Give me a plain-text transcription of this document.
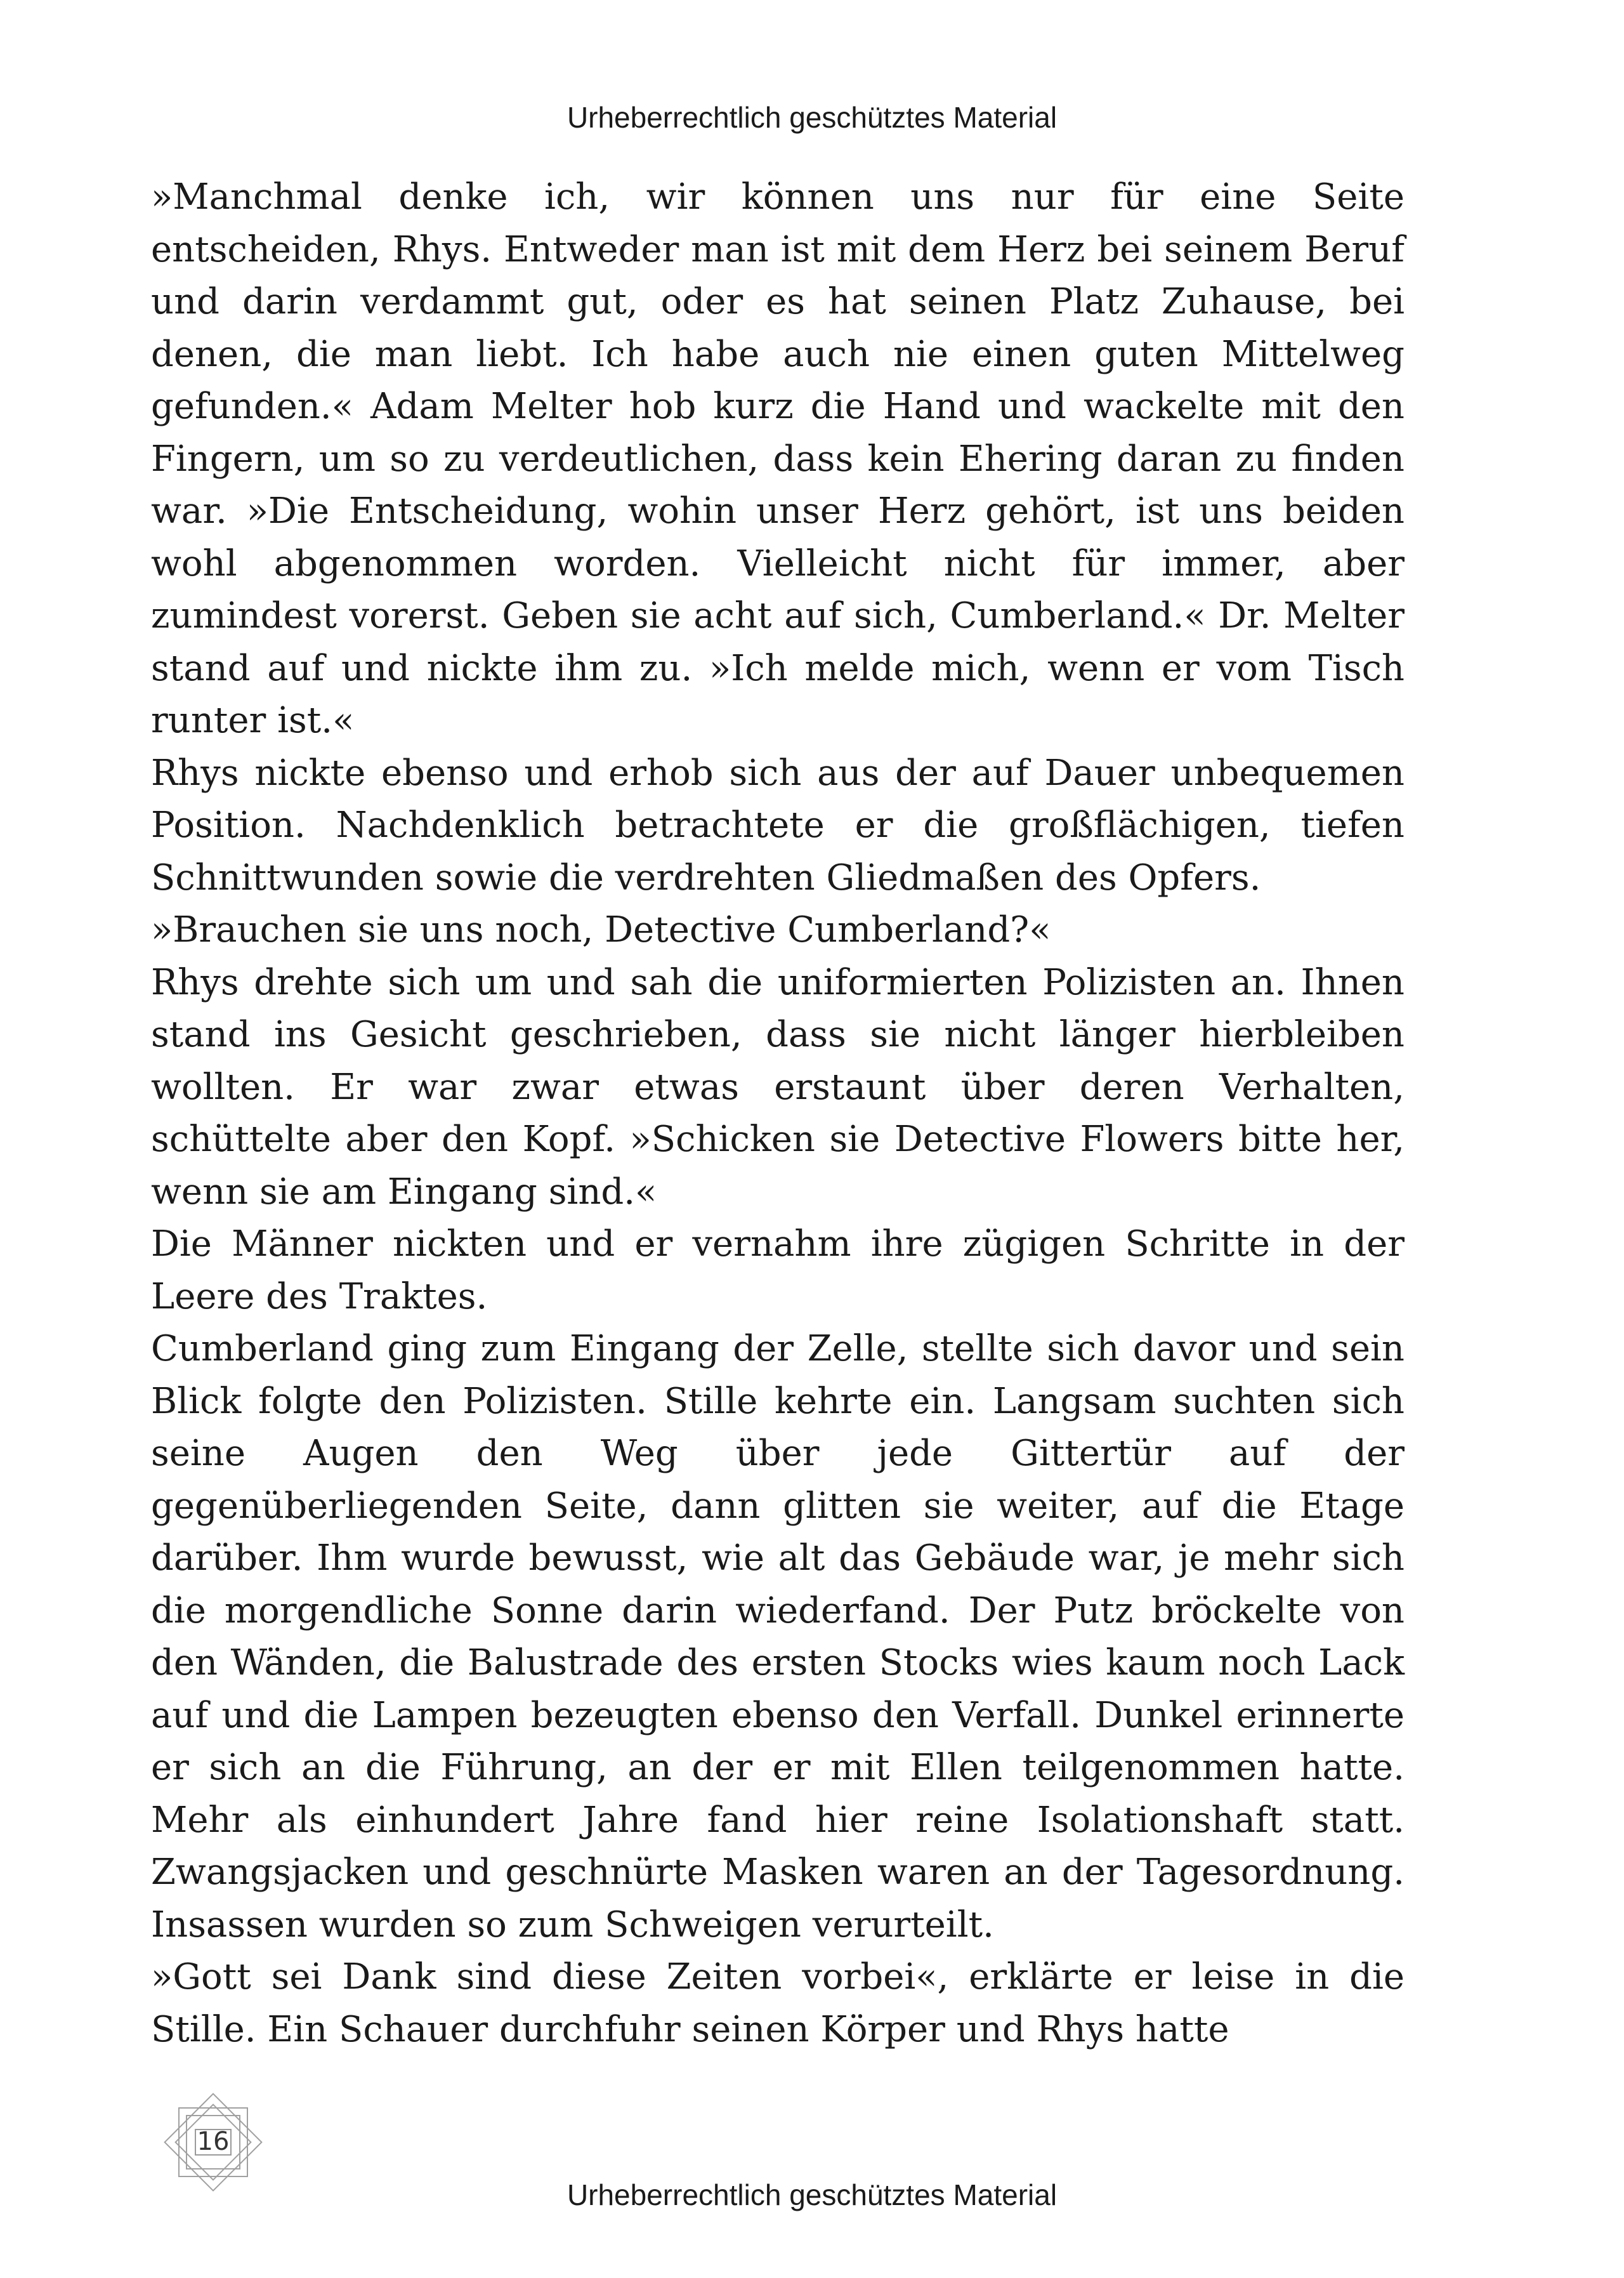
Urheberrechtlich geschütztes Material

»Manchmal denke ich, wir können uns nur für eine Seite entscheiden, Rhys. Entweder man ist mit dem Herz bei seinem Beruf und darin verdammt gut, oder es hat seinen Platz Zuhause, bei denen, die man liebt. Ich habe auch nie einen guten Mittelweg gefunden.« Adam Melter hob kurz die Hand und wackelte mit den Fingern, um so zu verdeutlichen, dass kein Ehering daran zu finden war. »Die Entscheidung, wohin unser Herz gehört, ist uns beiden wohl abgenommen worden. Vielleicht nicht für immer, aber zumindest vorerst. Geben sie acht auf sich, Cumberland.« Dr. Melter stand auf und nickte ihm zu. »Ich melde mich, wenn er vom Tisch runter ist.«

Rhys nickte ebenso und erhob sich aus der auf Dauer unbequemen Position. Nachdenklich betrachtete er die großflächigen, tiefen Schnittwunden sowie die verdrehten Gliedmaßen des Opfers.

»Brauchen sie uns noch, Detective Cumberland?«

Rhys drehte sich um und sah die uniformierten Polizisten an. Ihnen stand ins Gesicht geschrieben, dass sie nicht länger hierbleiben wollten. Er war zwar etwas erstaunt über deren Verhalten, schüttelte aber den Kopf. »Schicken sie Detective Flowers bitte her, wenn sie am Eingang sind.«

Die Männer nickten und er vernahm ihre zügigen Schritte in der Leere des Traktes.

Cumberland ging zum Eingang der Zelle, stellte sich davor und sein Blick folgte den Polizisten. Stille kehrte ein. Langsam suchten sich seine Augen den Weg über jede Gittertür auf der gegenüberliegenden Seite, dann glitten sie weiter, auf die Etage darüber. Ihm wurde bewusst, wie alt das Gebäude war, je mehr sich die morgendliche Sonne darin wiederfand. Der Putz bröckelte von den Wänden, die Balustrade des ersten Stocks wies kaum noch Lack auf und die Lampen bezeugten ebenso den Verfall. Dunkel erinnerte er sich an die Führung, an der er mit Ellen teilgenommen hatte. Mehr als einhundert Jahre fand hier reine Isolationshaft statt. Zwangsjacken und geschnürte Masken waren an der Tagesordnung. Insassen wurden so zum Schweigen verurteilt.

»Gott sei Dank sind diese Zeiten vorbei«, erklärte er leise in die Stille. Ein Schauer durchfuhr seinen Körper und Rhys hatte

16
Urheberrechtlich geschütztes Material
